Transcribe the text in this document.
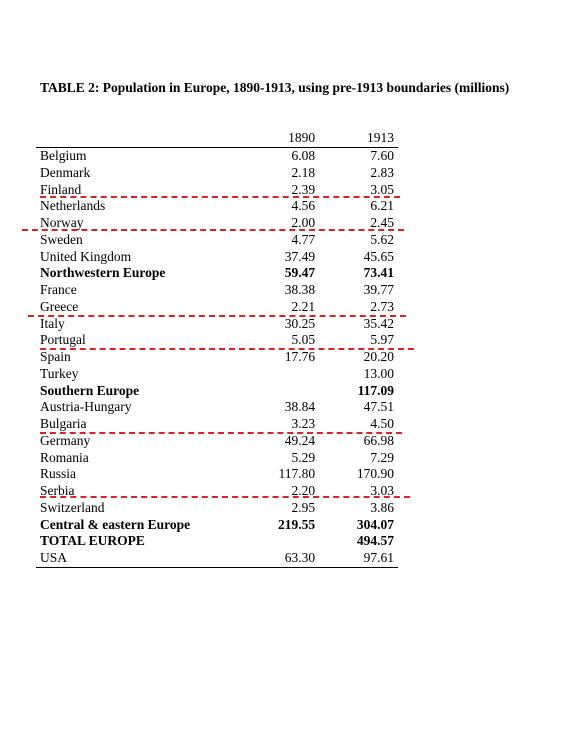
TABLE 2: Population in Europe, 1890-1913, using pre-1913 boundaries (millions)
	1890	1913
Belgium	6.08	7.60
Denmark	2.18	2.83
Finland	2.39	3.05
Netherlands	4.56	6.21
Norway	2.00	2.45
Sweden	4.77	5.62
United Kingdom	37.49	45.65
Northwestern Europe	59.47	73.41
France	38.38	39.77
Greece	2.21	2.73
Italy	30.25	35.42
Portugal	5.05	5.97
Spain	17.76	20.20
Turkey		13.00
Southern Europe		117.09
Austria-Hungary	38.84	47.51
Bulgaria	3.23	4.50
Germany	49.24	66.98
Romania	5.29	7.29
Russia	117.80	170.90
Serbia	2.20	3.03
Switzerland	2.95	3.86
Central & eastern Europe	219.55	304.07
TOTAL EUROPE		494.57
USA	63.30	97.61
